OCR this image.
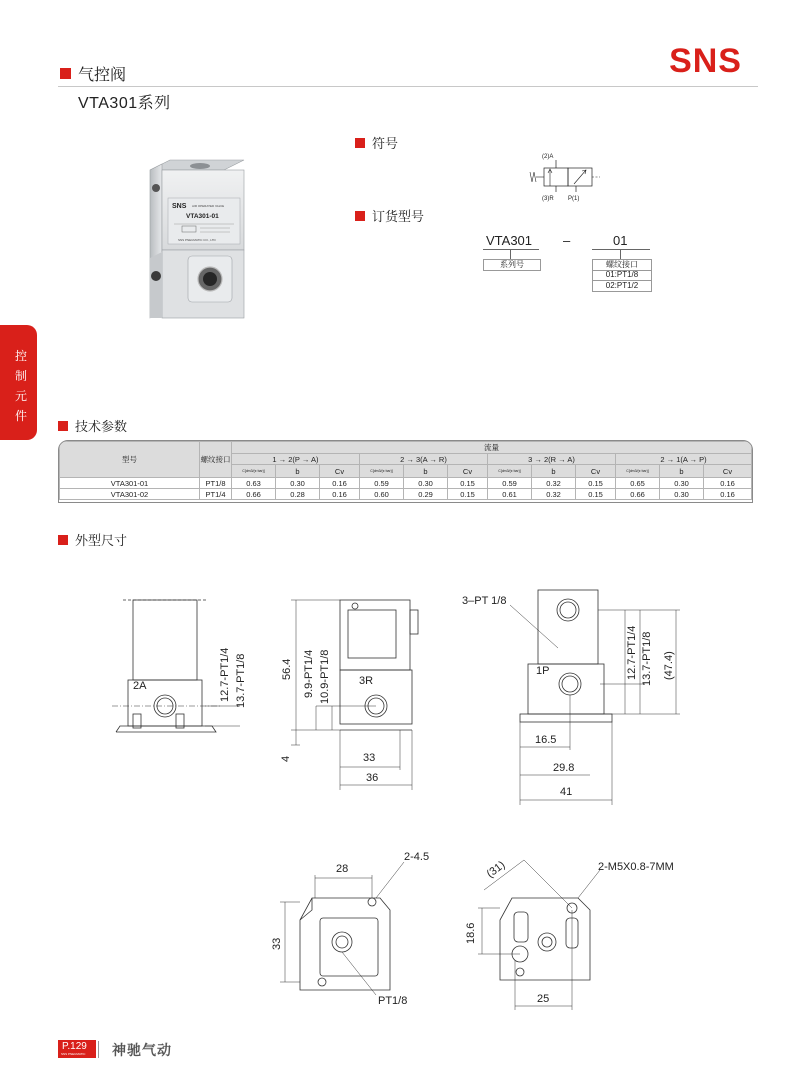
气控阀
VTA301系列
SNS
控
制
元
件
SNS AIR OPERATED VALVE
VTA301-01
SNS PNEUMATIC CO., LTD
符号
(2)A
(3)R P(1)
订货型号
VTA301 –	01
系列号	螺纹接口
01:PT1/8
02:PT1/2
技术参数
型号	螺纹接口	流量											
		1 → 2(P → A)			2 → 3(A → R)			3 → 2(R → A)			2 → 1(A → P)		
		C[dm3/(s·bar)]	b	Cv	C[dm3/(s·bar)]	b	Cv	C[dm3/(s·bar)]	b	Cv	C[dm3/(s·bar)]	b	Cv
VTA301-01	PT1/8	0.63	0.30	0.16	0.59	0.30	0.15	0.59	0.32	0.15	0.65	0.30	0.16
VTA301-02	PT1/4	0.66	0.28	0.16	0.60	0.29	0.15	0.61	0.32	0.15	0.66	0.30	0.16
外型尺寸
2A	12.7-PT1/4 13.7-PT1/8	3R
56.4 9.9-PT1/4 10.9-PT1/8
33
36
4
3–PT 1/8
1P	12.7-PT1/4 13.7-PT1/8 (47.4)
16.5
29.8
41
28
2-4.5
33
PT1/8
(31)	2-M5X0.8-7MM
18.6
25
P.129
SNS PNEUMATIC 神驰气动
